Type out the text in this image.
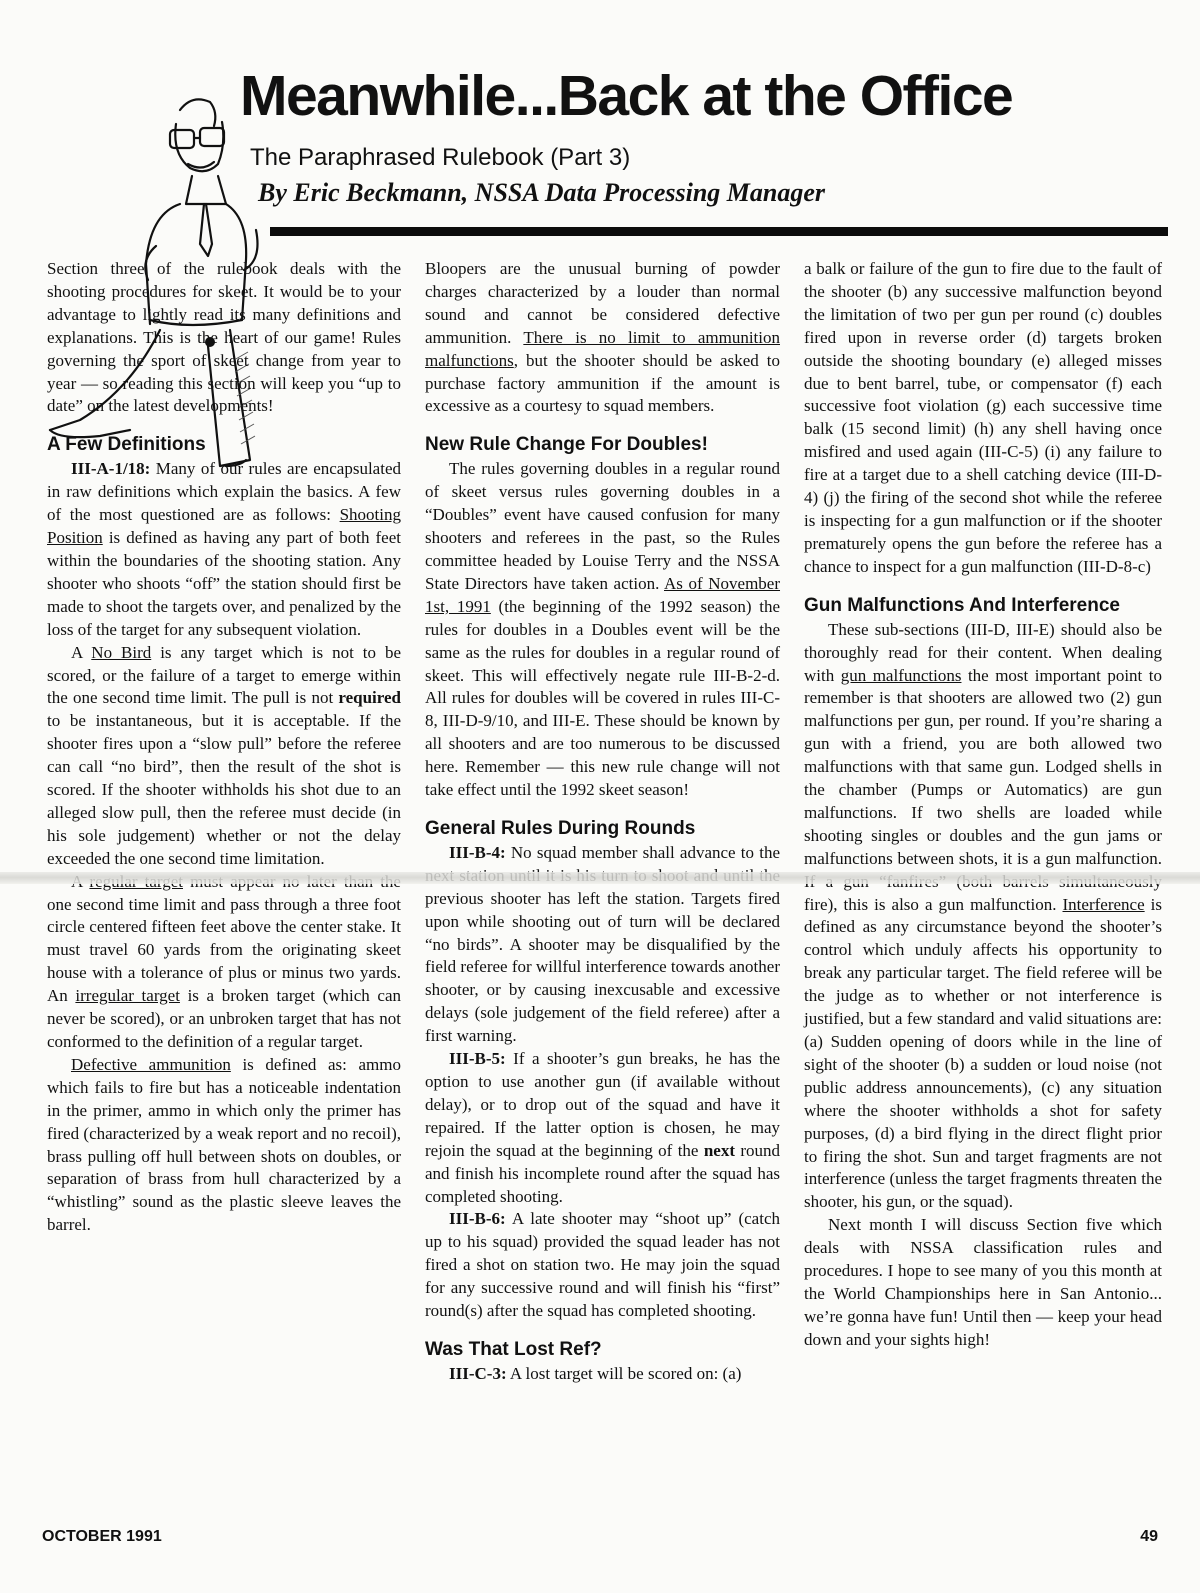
Meanwhile...Back at the Office
The Paraphrased Rulebook (Part 3)
By Eric Beckmann, NSSA Data Processing Manager

Section three of the rulebook deals with the shooting procedures for skeet. It would be to your advantage to lightly read its many definitions and explanations. This is the heart of our game! Rules governing the sport of skeet change from year to year — so reading this section will keep you “up to date” on the latest developments!

A Few Definitions

III-A-1/18: Many of our rules are encapsulated in raw definitions which explain the basics. A few of the most questioned are as follows: Shooting Position is defined as having any part of both feet within the boundaries of the shooting station. Any shooter who shoots “off” the station should first be made to shoot the targets over, and penalized by the loss of the target for any subsequent violation.

A No Bird is any target which is not to be scored, or the failure of a target to emerge within the one second time limit. The pull is not required to be instantaneous, but it is acceptable. If the shooter fires upon a “slow pull” before the referee can call “no bird”, then the result of the shot is scored. If the shooter withholds his shot due to an alleged slow pull, then the referee must decide (in his sole judgement) whether or not the delay exceeded the one second time limitation.

one second time limit and pass through a three foot circle centered fifteen feet above the center stake. It must travel 60 yards from the originating skeet house with a tolerance of plus or minus two yards. An irregular target is a broken target (which can never be scored), or an unbroken target that has not conformed to the definition of a regular target.

Defective ammunition is defined as: ammo which fails to fire but has a noticeable indentation in the primer, ammo in which only the primer has fired (characterized by a weak report and no recoil), brass pulling off hull between shots on doubles, or separation of brass from hull characterized by a “whistling” sound as the plastic sleeve leaves the barrel.

Bloopers are the unusual burning of powder charges characterized by a louder than normal sound and cannot be considered defective ammunition. There is no limit to ammunition malfunctions, but the shooter should be asked to purchase factory ammunition if the amount is excessive as a courtesy to squad members.

New Rule Change For Doubles!

The rules governing doubles in a regular round of skeet versus rules governing doubles in a “Doubles” event have caused confusion for many shooters and referees in the past, so the Rules committee headed by Louise Terry and the NSSA State Directors have taken action. As of November 1st, 1991 (the beginning of the 1992 season) the rules for doubles in a Doubles event will be the same as the rules for doubles in a regular round of skeet. This will effectively negate rule III-B-2-d. All rules for doubles will be covered in rules III-C-8, III-D-9/10, and III-E. These should be known by all shooters and are too numerous to be discussed here. Remember — this new rule change will not take effect until the 1992 skeet season!

General Rules During Rounds

III-B-4: No squad member shall advance to the previous shooter has left the station. Targets fired upon while shooting out of turn will be declared “no birds”. A shooter may be disqualified by the field referee for willful interference towards another shooter, or by causing inexcusable and excessive delays (sole judgement of the field referee) after a first warning.

III-B-5: If a shooter’s gun breaks, he has the option to use another gun (if available without delay), or to drop out of the squad and have it repaired. If the latter option is chosen, he may rejoin the squad at the beginning of the next round and finish his incomplete round after the squad has completed shooting.

III-B-6: A late shooter may “shoot up” (catch up to his squad) provided the squad leader has not fired a shot on station two. He may join the squad for any successive round and will finish his “first” round(s) after the squad has completed shooting.

Was That Lost Ref?

III-C-3: A lost target will be scored on: (a)

a balk or failure of the gun to fire due to the fault of the shooter (b) any successive malfunction beyond the limitation of two per gun per round (c) doubles fired upon in reverse order (d) targets broken outside the shooting boundary (e) alleged misses due to bent barrel, tube, or compensator (f) each successive foot violation (g) each successive time balk (15 second limit) (h) any shell having once misfired and used again (III-C-5) (i) any failure to fire at a target due to a shell catching device (III-D-4) (j) the firing of the second shot while the referee is inspecting for a gun malfunction or if the shooter prematurely opens the gun before the referee has a chance to inspect for a gun malfunction (III-D-8-c)

Gun Malfunctions And Interference

These sub-sections (III-D, III-E) should also be thoroughly read for their content. When dealing with gun malfunctions the most important point to remember is that shooters are allowed two (2) gun malfunctions per gun, per round. If you’re sharing a gun with a friend, you are both allowed two malfunctions with that same gun. Lodged shells in the chamber (Pumps or Automatics) are gun malfunctions. If two shells are loaded while shooting singles or doubles and the gun jams or malfunctions between shots, it is a gun malfunction. fire), this is also a gun malfunction. Interference is defined as any circumstance beyond the shooter’s control which unduly affects his opportunity to break any particular target. The field referee will be the judge as to whether or not interference is justified, but a few standard and valid situations are: (a) Sudden opening of doors while in the line of sight of the shooter (b) a sudden or loud noise (not public address announcements), (c) any situation where the shooter withholds a shot for safety purposes, (d) a bird flying in the direct flight prior to firing the shot. Sun and target fragments are not interference (unless the target fragments threaten the shooter, his gun, or the squad).

Next month I will discuss Section five which deals with NSSA classification rules and procedures. I hope to see many of you this month at the World Championships here in San Antonio... we’re gonna have fun! Until then — keep your head down and your sights high!

OCTOBER 1991	49
